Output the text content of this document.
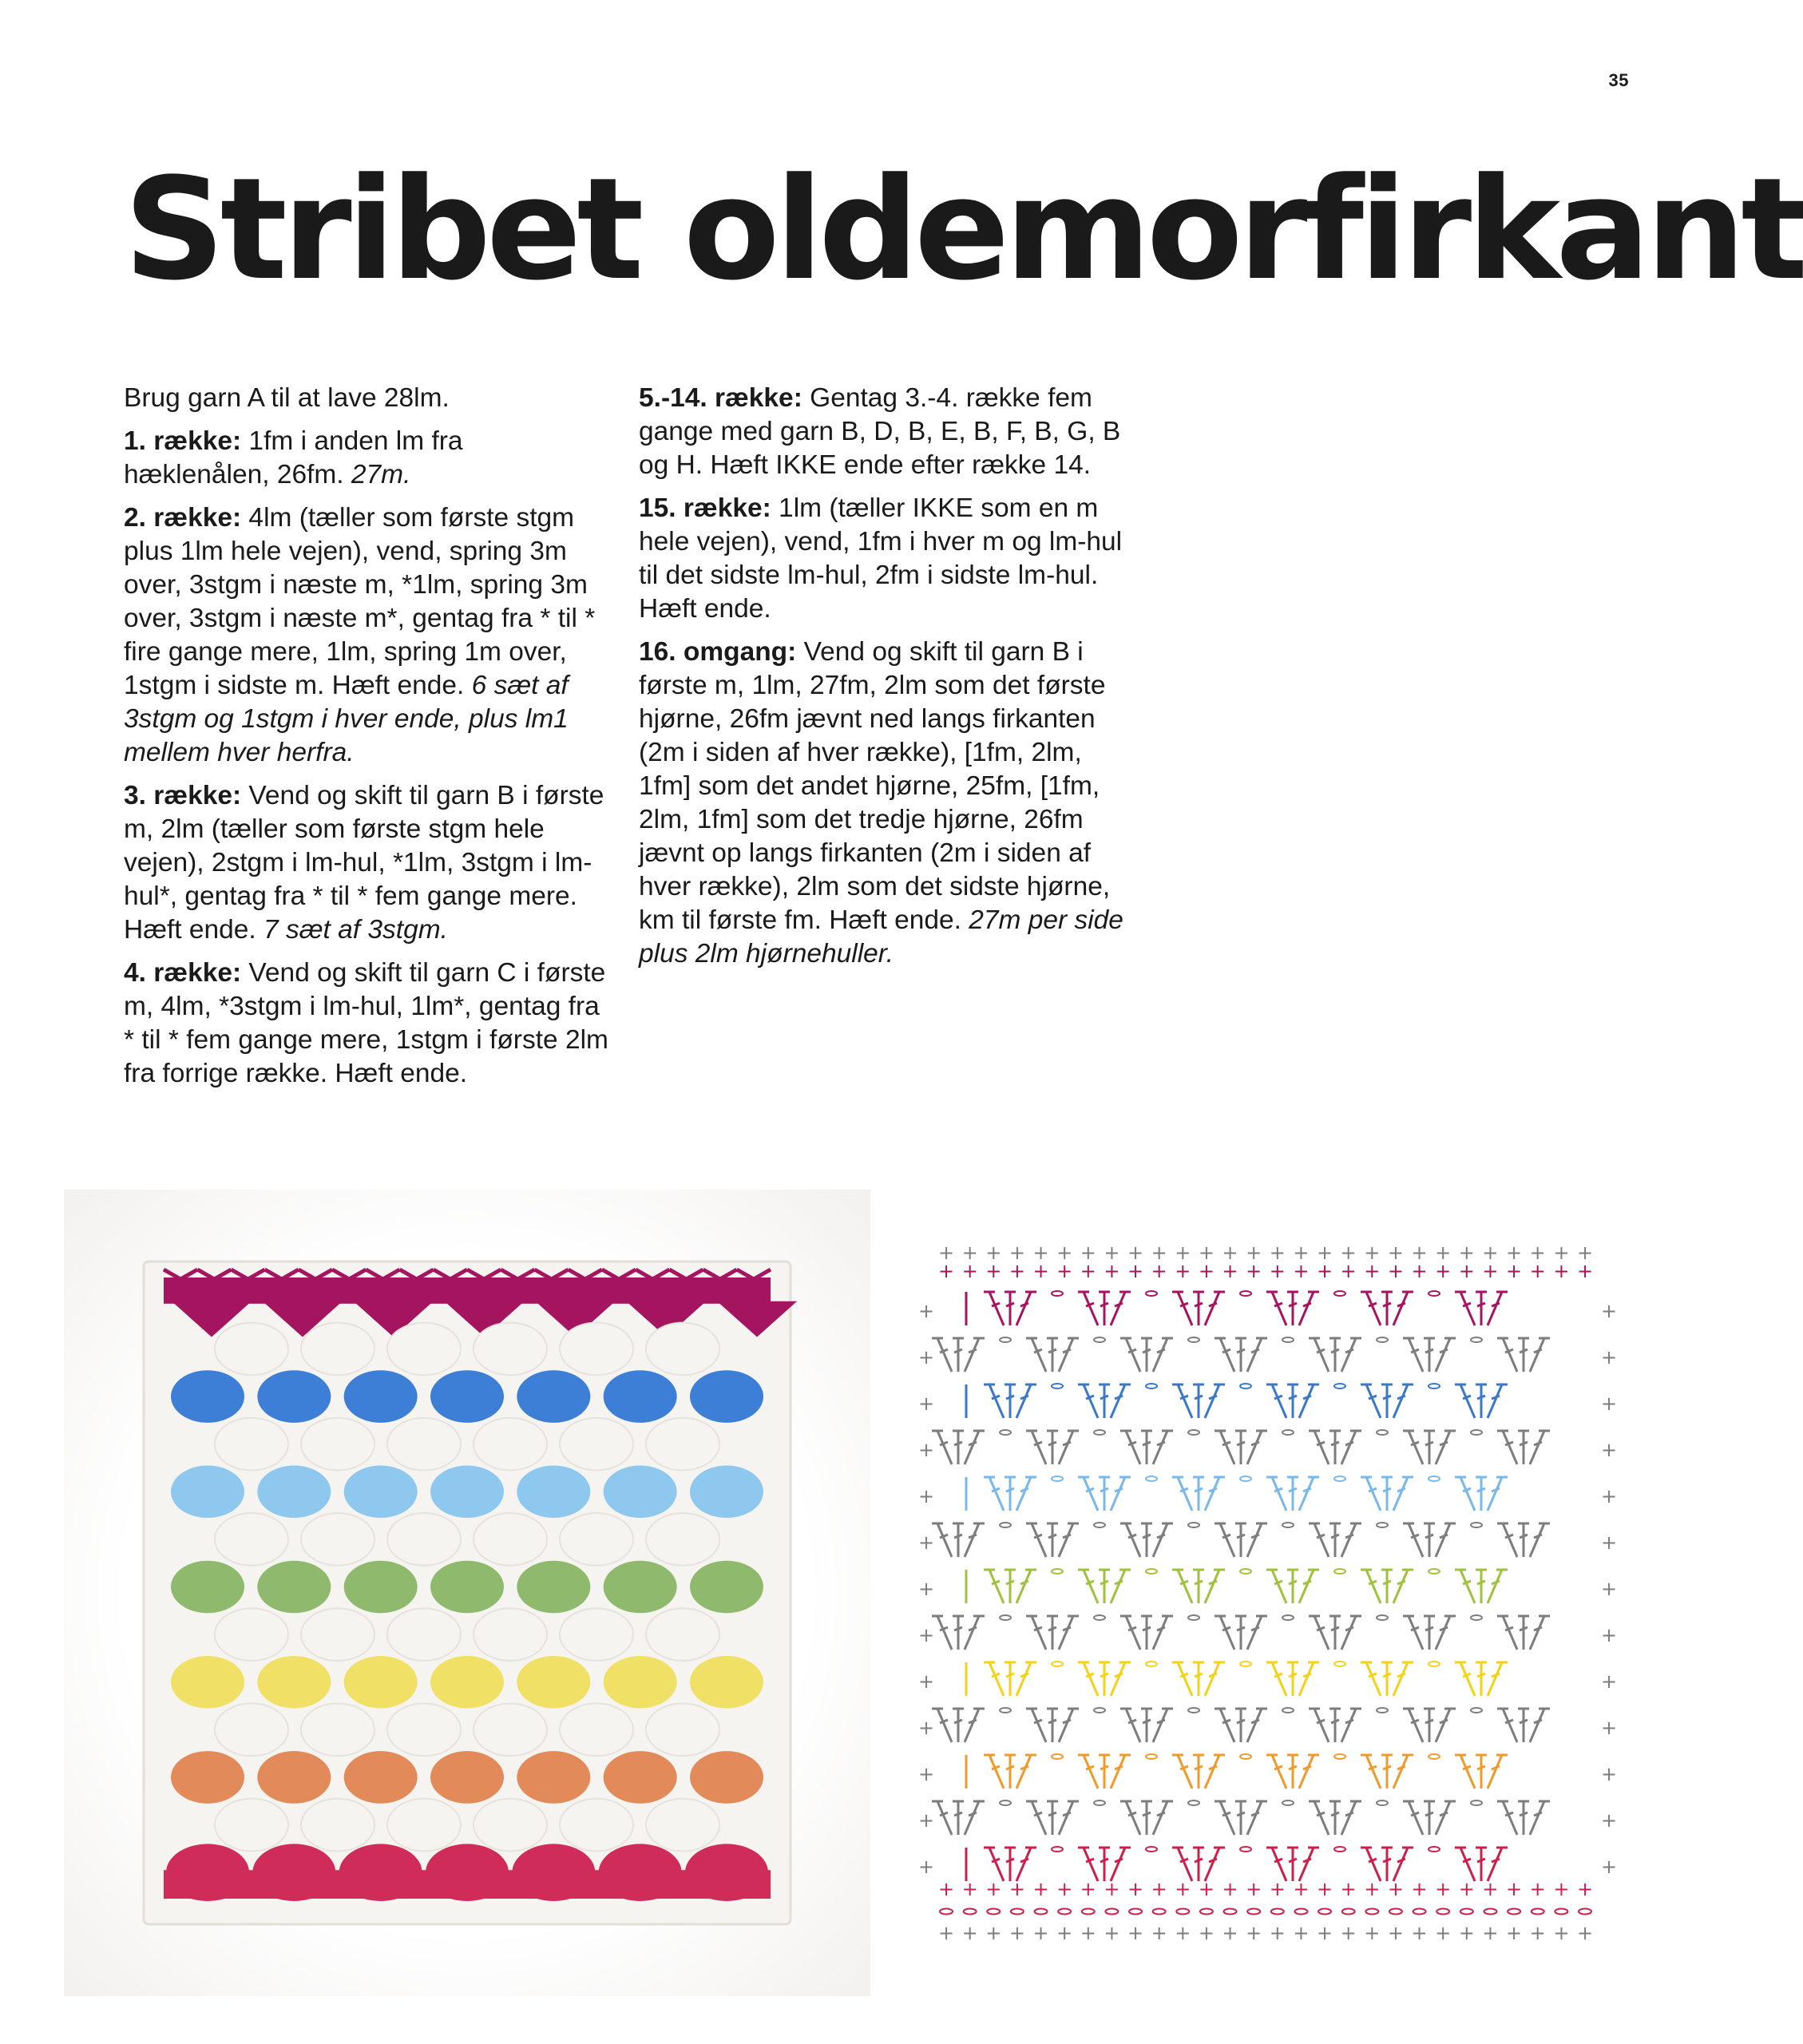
35
Stribet oldemorfirkant

Brug garn A til at lave 28lm.

1. række: 1fm i anden lm fra hæklenålen, 26fm. 27m.

2. række: 4lm (tæller som første stgm plus 1lm hele vejen), vend, spring 3m over, 3stgm i næste m, *1lm, spring 3m over, 3stgm i næste m*, gentag fra * til * fire gange mere, 1lm, spring 1m over, 1stgm i sidste m. Hæft ende. 6 sæt af 3stgm og 1stgm i hver ende, plus lm1 mellem hver herfra.

3. række: Vend og skift til garn B i første m, 2lm (tæller som første stgm hele vejen), 2stgm i lm-hul, *1lm, 3stgm i lm-hul*, gentag fra * til * fem gange mere. Hæft ende. 7 sæt af 3stgm.

4. række: Vend og skift til garn C i første m, 4lm, *3stgm i lm-hul, 1lm*, gentag fra * til * fem gange mere, 1stgm i første 2lm fra forrige række. Hæft ende.

5.-14. række: Gentag 3.-4. række fem gange med garn B, D, B, E, B, F, B, G, B og H. Hæft IKKE ende efter række 14.

15. række: 1lm (tæller IKKE som en m hele vejen), vend, 1fm i hver m og lm-hul til det sidste lm-hul, 2fm i sidste lm-hul. Hæft ende.

16. omgang: Vend og skift til garn B i første m, 1lm, 27fm, 2lm som det første hjørne, 26fm jævnt ned langs firkanten (2m i siden af hver række), [1fm, 2lm, 1fm] som det andet hjørne, 25fm, [1fm, 2lm, 1fm] som det tredje hjørne, 26fm jævnt op langs firkanten (2m i siden af hver række), 2lm som det sidste hjørne, km til første fm. Hæft ende. 27m per side plus 2lm hjørnehuller.

+ + + + + + + + + + + + + + + + + + + + + + + + + + + +
+ + + + + + + + + + + + + + + + + + + + + + + + + + + +
+	+
+	+
+	+
+	+
+	+
+	+
+	+
+	+
+	+
+	+
+	+
+	+
+	+
+ + + + + + + + + + + + + + + + + + + + + + + + + + + +
+ + + + + + + + + + + + + + + + + + + + + + + + + + + +
